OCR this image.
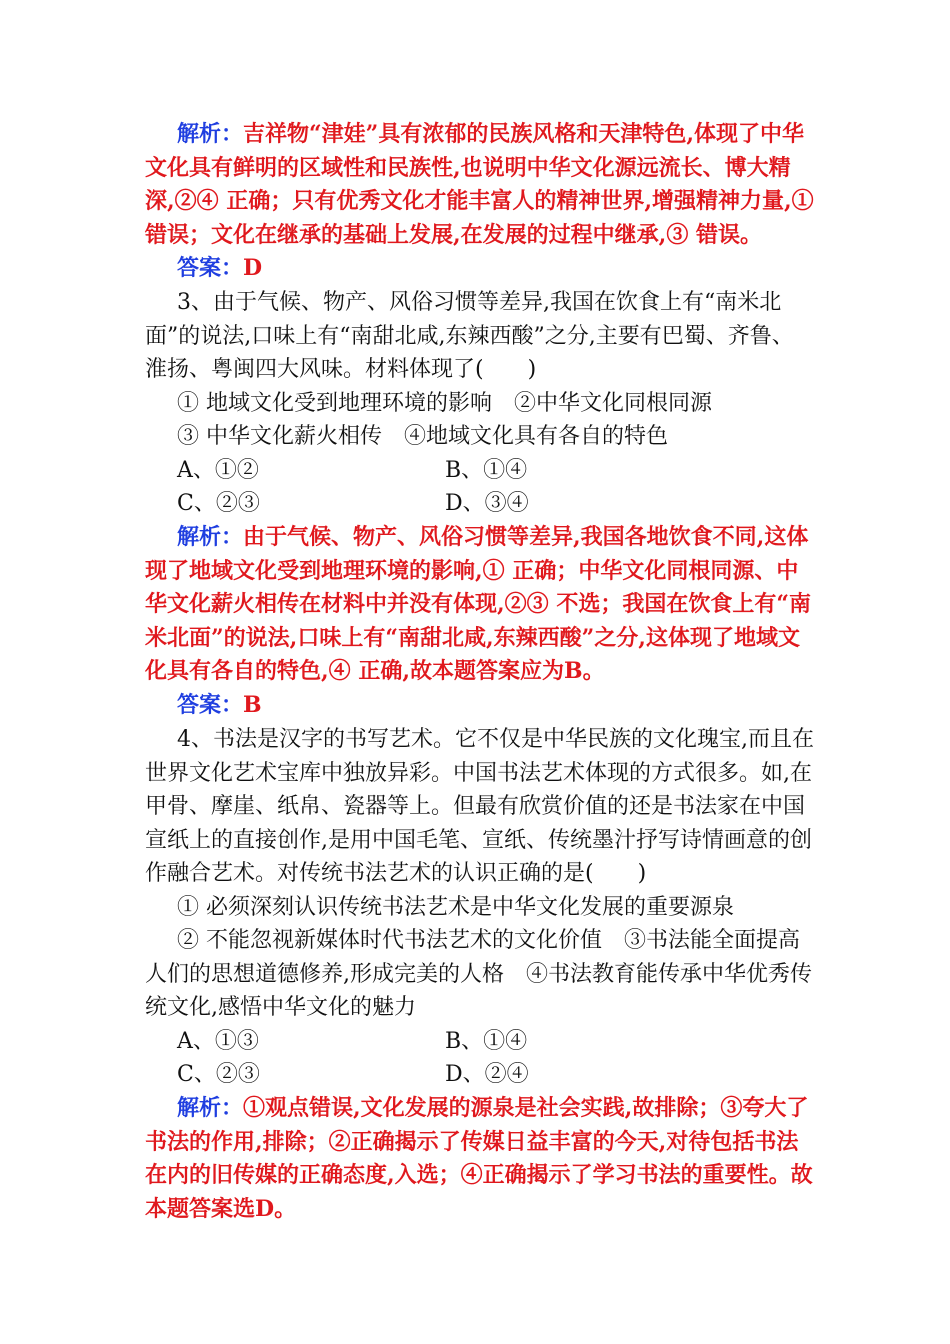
解析：吉祥物“津娃”具有浓郁的民族风格和天津特色,体现了中华文化具有鲜明的区域性和民族性,也说明中华文化源远流长、博大精深,②④ 正确；只有优秀文化才能丰富人的精神世界,增强精神力量,① 错误；文化在继承的基础上发展,在发展的过程中继承,③ 错误。

答案：D

3、由于气候、物产、风俗习惯等差异,我国在饮食上有“南米北面”的说法,口味上有“南甜北咸,东辣西酸”之分,主要有巴蜀、齐鲁、淮扬、粤闽四大风味。材料体现了(　　)

① 地域文化受到地理环境的影响　②中华文化同根同源

③ 中华文化薪火相传　④地域文化具有各自的特色

A、①②	B、①④
C、②③	D、③④

解析：由于气候、物产、风俗习惯等差异,我国各地饮食不同,这体现了地域文化受到地理环境的影响,① 正确；中华文化同根同源、中华文化薪火相传在材料中并没有体现,②③ 不选；我国在饮食上有“南米北面”的说法,口味上有“南甜北咸,东辣西酸”之分,这体现了地域文化具有各自的特色,④ 正确,故本题答案应为B。

答案：B

4、书法是汉字的书写艺术。它不仅是中华民族的文化瑰宝,而且在世界文化艺术宝库中独放异彩。中国书法艺术体现的方式很多。如,在甲骨、摩崖、纸帛、瓷器等上。但最有欣赏价值的还是书法家在中国宣纸上的直接创作,是用中国毛笔、宣纸、传统墨汁抒写诗情画意的创作融合艺术。对传统书法艺术的认识正确的是(　　)

① 必须深刻认识传统书法艺术是中华文化发展的重要源泉

② 不能忽视新媒体时代书法艺术的文化价值　③书法能全面提高人们的思想道德修养,形成完美的人格　④书法教育能传承中华优秀传统文化,感悟中华文化的魅力

A、①③	B、①④
C、②③	D、②④

解析：①观点错误,文化发展的源泉是社会实践,故排除；③夸大了书法的作用,排除；②正确揭示了传媒日益丰富的今天,对待包括书法在内的旧传媒的正确态度,入选；④正确揭示了学习书法的重要性。故本题答案选D。
